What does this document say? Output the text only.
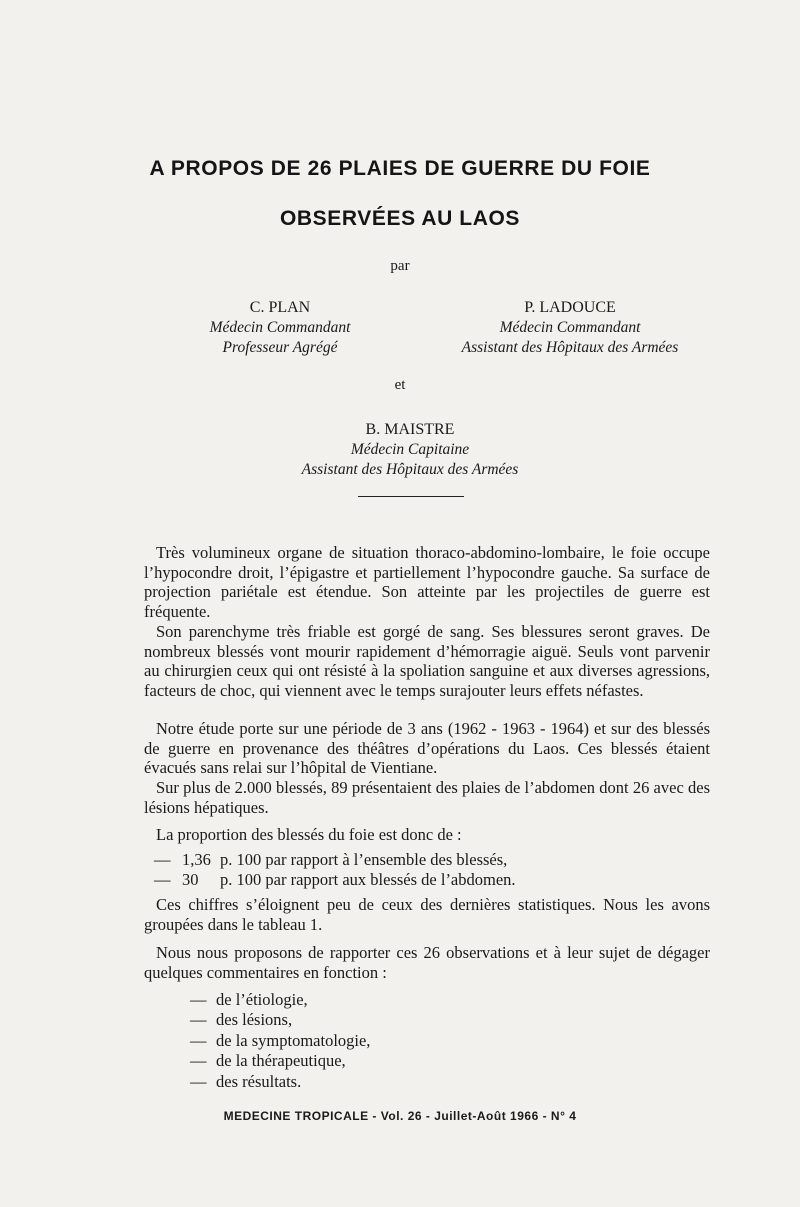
A PROPOS DE 26 PLAIES DE GUERRE DU FOIE
OBSERVÉES AU LAOS
par
C. PLAN
Médecin Commandant
Professeur Agrégé
P. LADOUCE
Médecin Commandant
Assistant des Hôpitaux des Armées
et
B. MAISTRE
Médecin Capitaine
Assistant des Hôpitaux des Armées

Très volumineux organe de situation thoraco-abdomino-lombaire, le foie occupe l’hypocondre droit, l’épigastre et partiellement l’hypocondre gauche. Sa surface de projection pariétale est étendue. Son atteinte par les projectiles de guerre est fréquente.

Son parenchyme très friable est gorgé de sang. Ses blessures seront graves. De nombreux blessés vont mourir rapidement d’hémorragie aiguë. Seuls vont parvenir au chirurgien ceux qui ont résisté à la spoliation sanguine et aux diverses agressions, facteurs de choc, qui viennent avec le temps surajouter leurs effets néfastes.

Notre étude porte sur une période de 3 ans (1962 - 1963 - 1964) et sur des blessés de guerre en provenance des théâtres d’opérations du Laos. Ces blessés étaient évacués sans relai sur l’hôpital de Vientiane.

Sur plus de 2.000 blessés, 89 présentaient des plaies de l’abdomen dont 26 avec des lésions hépatiques.

La proportion des blessés du foie est donc de :

— 1,36 p. 100 par rapport à l’ensemble des blessés,
— 30 p. 100 par rapport aux blessés de l’abdomen.

Ces chiffres s’éloignent peu de ceux des dernières statistiques. Nous les avons groupées dans le tableau 1.

Nous nous proposons de rapporter ces 26 observations et à leur sujet de dégager quelques commentaires en fonction :

— de l’étiologie,
— des lésions,
— de la symptomatologie,
— de la thérapeutique,
— des résultats.
MEDECINE TROPICALE - Vol. 26 - Juillet-Août 1966 - N° 4
